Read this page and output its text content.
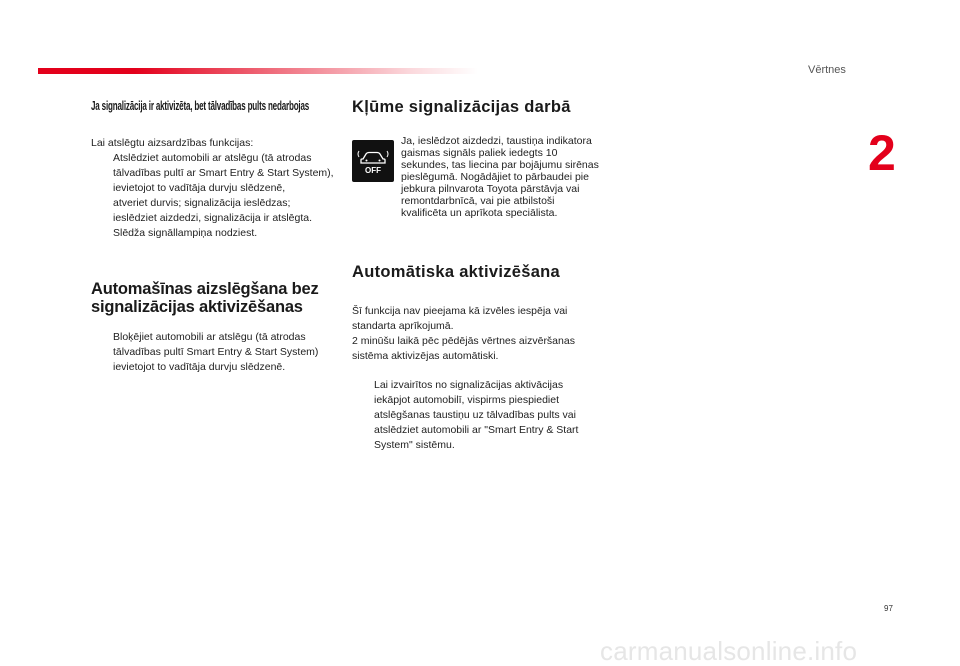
Vērtnes
2
Ja signalizācija ir aktivizēta, bet tālvadības pults nedarbojas

Lai atslēgtu aizsardzības funkcijas:

Atslēdziet automobili ar atslēgu (tā atrodas tālvadības pultī ar Smart Entry & Start System), ievietojot to vadītāja durvju slēdzenē,
atveriet durvis; signalizācija ieslēdzas;
ieslēdziet aizdedzi, signalizācija ir atslēgta. Slēdža signāllampiņa nodziest.
Automašīnas aizslēgšana bez
signalizācijas aktivizēšanas
Bloķējiet automobili ar atslēgu (tā atrodas tālvadības pultī Smart Entry & Start System) ievietojot to vadītāja durvju slēdzenē.
Kļūme signalizācijas darbā
OFF

Ja, ieslēdzot aizdedzi, taustiņa indikatora gaismas signāls paliek iedegts 10 sekundes, tas liecina par bojājumu sirēnas pieslēgumā. Nogādājiet to pārbaudei pie jebkura pilnvarota Toyota pārstāvja vai remontdarbnīcā, vai pie atbilstoši kvalificēta un aprīkota speciālista.

Automātiska aktivizēšana

Šī funkcija nav pieejama kā izvēles iespēja vai standarta aprīkojumā.

2 minūšu laikā pēc pēdējās vērtnes aizvēršanas sistēma aktivizējas automātiski.

Lai izvairītos no signalizācijas aktivācijas iekāpjot automobilī, vispirms piespiediet atslēgšanas taustiņu uz tālvadības pults vai atslēdziet automobili ar "Smart Entry & Start System" sistēmu.
97
carmanualsonline.info
